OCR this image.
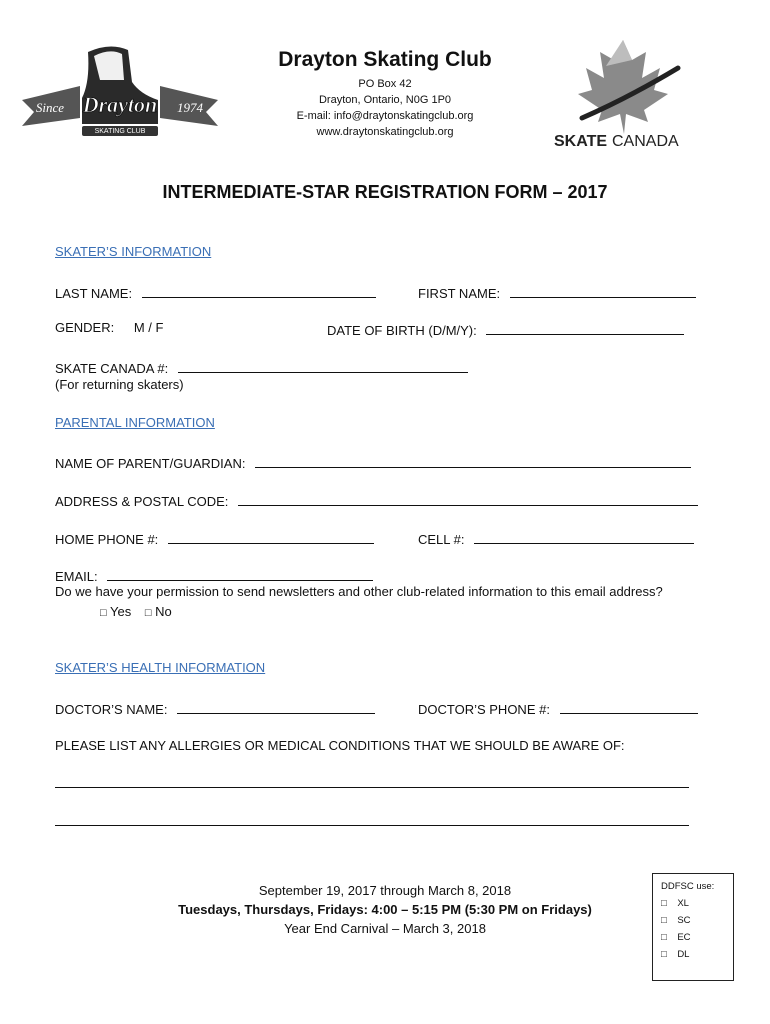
Since	1974
Drayton
SKATING CLUB
SKATE CANADA
Drayton Skating Club
PO Box 42
Drayton, Ontario, N0G 1P0
E-mail: info@draytonskatingclub.org
www.draytonskatingclub.org
INTERMEDIATE-STAR REGISTRATION FORM – 2017
SKATER’S INFORMATION
LAST NAME:	FIRST NAME:
GENDER: M / F	DATE OF BIRTH (D/M/Y):
SKATE CANADA #:
(For returning skaters)
PARENTAL INFORMATION
NAME OF PARENT/GUARDIAN:
ADDRESS & POSTAL CODE:
HOME PHONE #:	CELL #:
EMAIL:
Do we have your permission to send newsletters and other club-related information to this email address?
□ Yes □ No
SKATER’S HEALTH INFORMATION
DOCTOR’S NAME:	DOCTOR’S PHONE #:
PLEASE LIST ANY ALLERGIES OR MEDICAL CONDITIONS THAT WE SHOULD BE AWARE OF:
September 19, 2017 through March 8, 2018
Tuesdays, Thursdays, Fridays: 4:00 – 5:15 PM (5:30 PM on Fridays)
Year End Carnival – March 3, 2018
DDFSC use:
□ XL
□ SC
□ EC
□ DL
